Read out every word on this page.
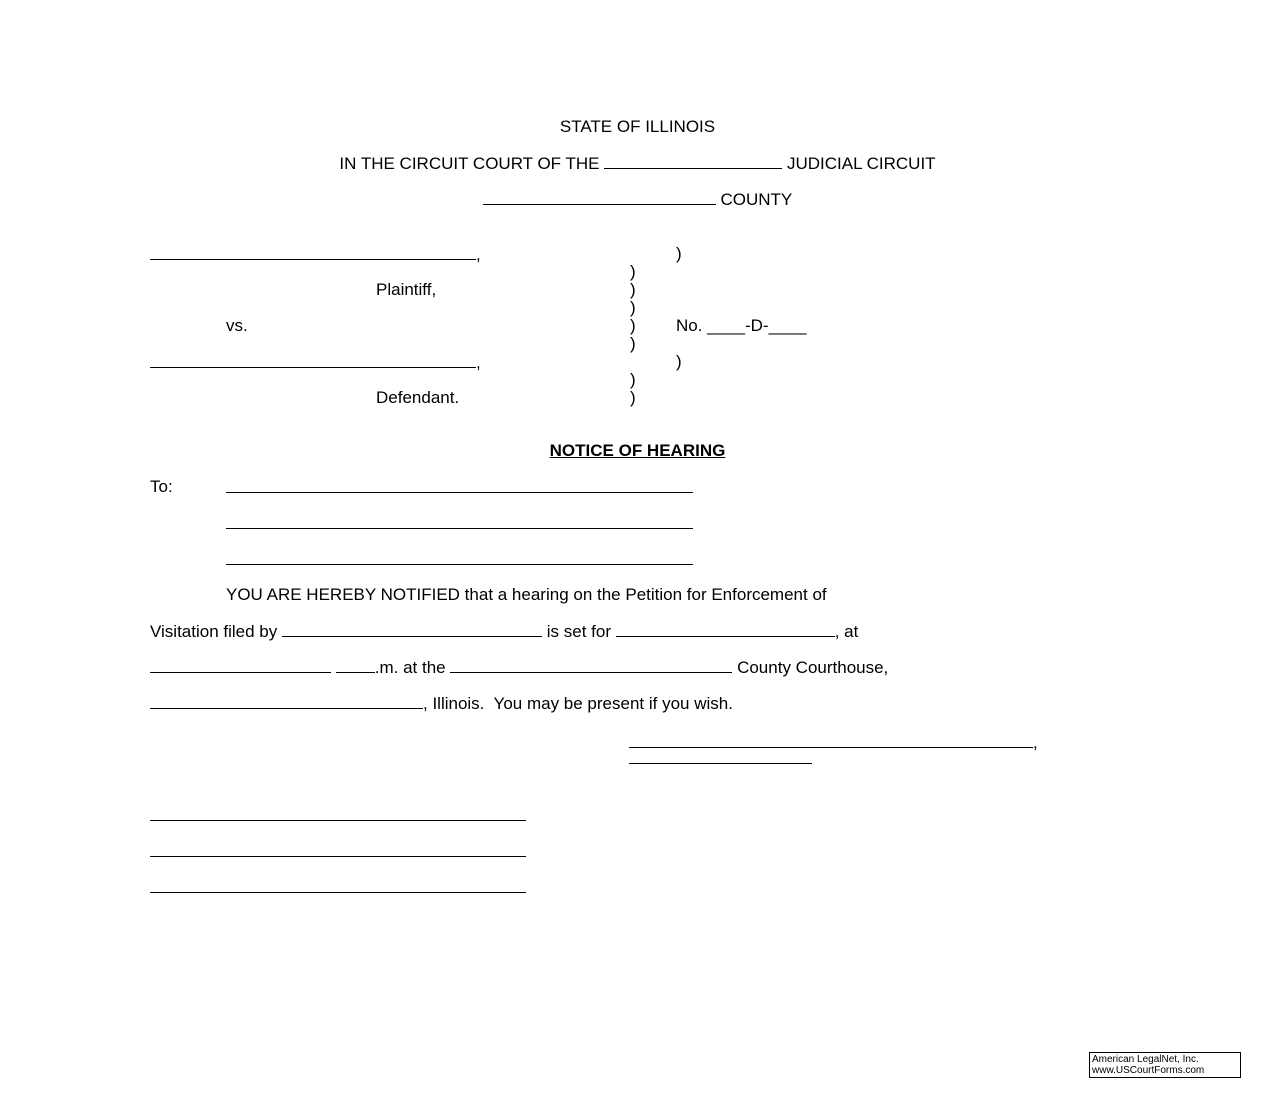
STATE OF ILLINOIS
IN THE CIRCUIT COURT OF THE	JUDICIAL CIRCUIT
COUNTY
,
Plaintiff,
vs.
,
Defendant.
)
)
)
)
)
)
)
)
)
No. ____-D-____
NOTICE OF HEARING
To:
YOU ARE HEREBY NOTIFIED that a hearing on the Petition for Enforcement of
Visitation filed by	is set for	, at
.m. at the	County Courthouse,
, Illinois.  You may be present if you wish.
,
American LegalNet, Inc.
www.USCourtForms.com
